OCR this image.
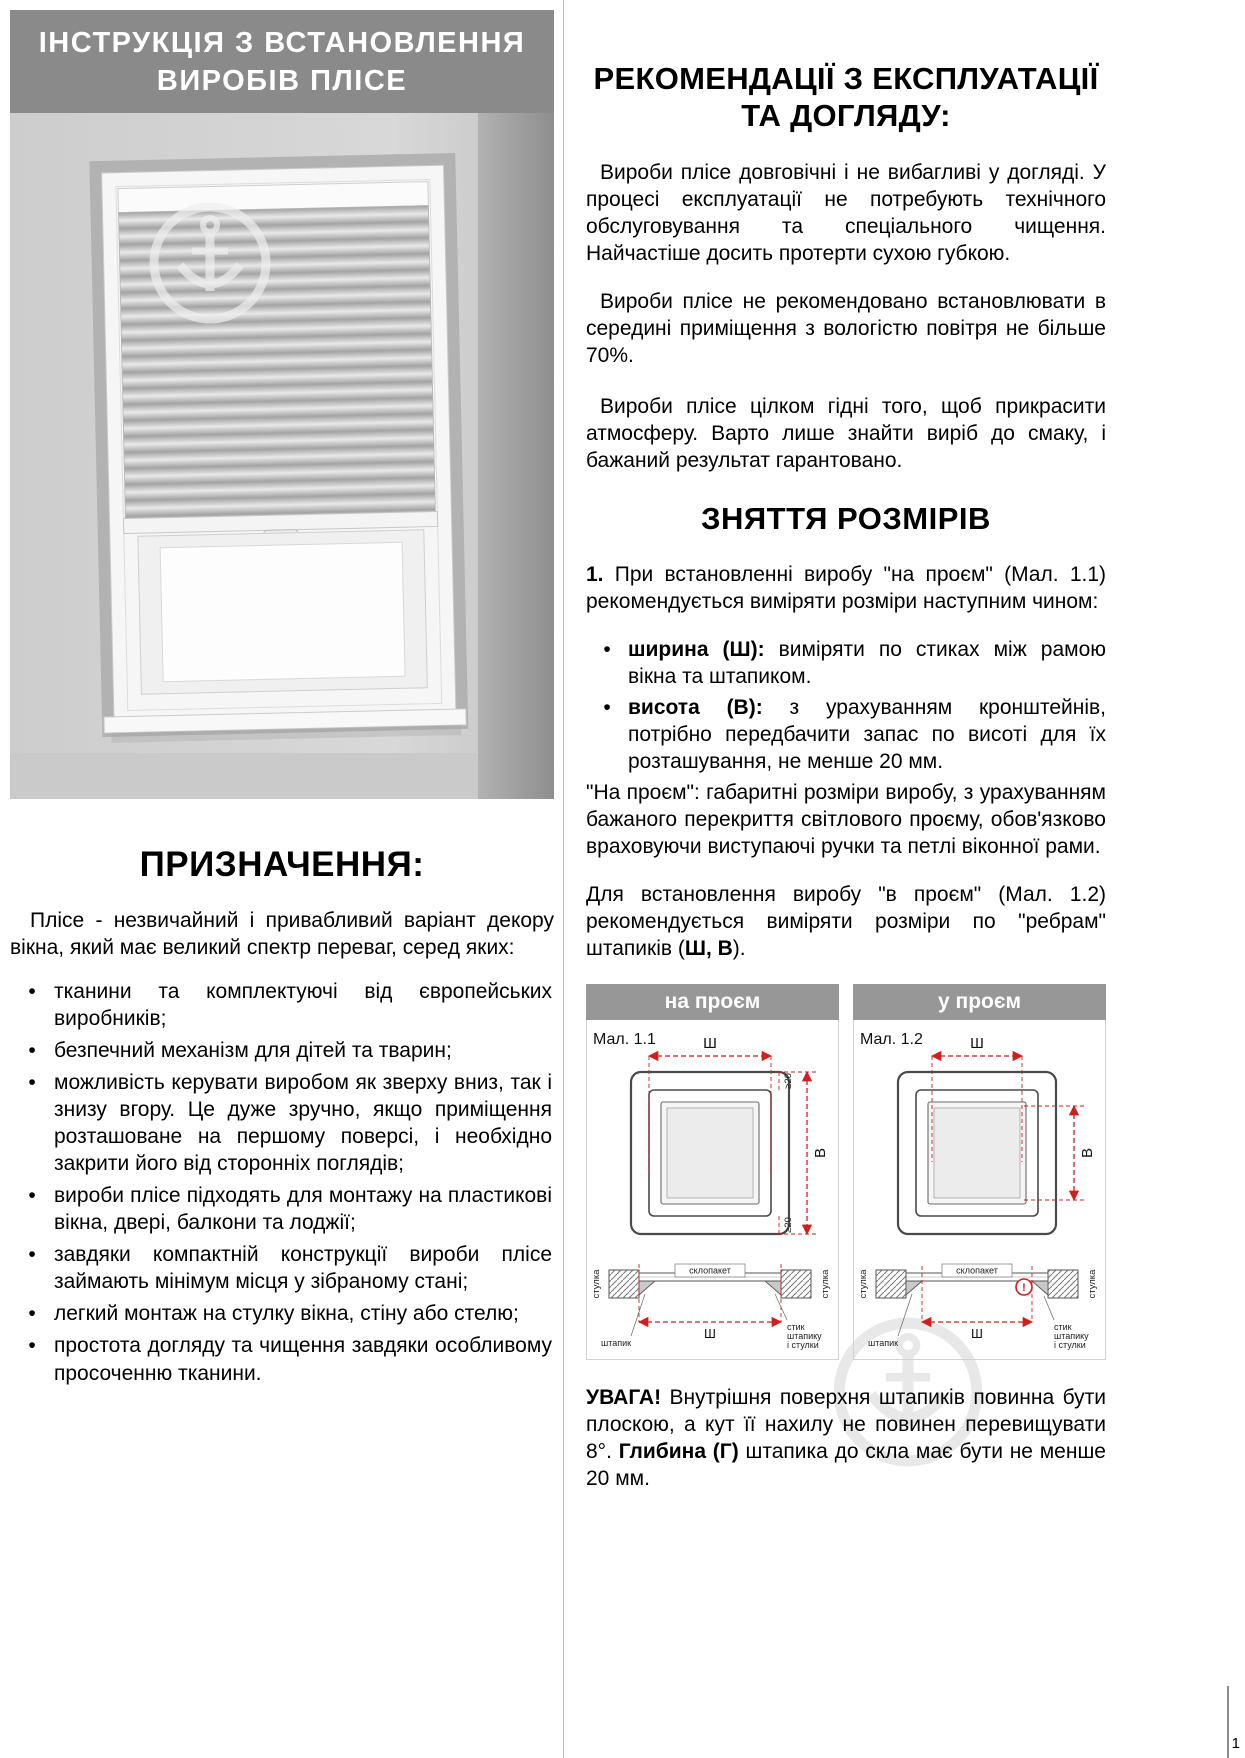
ІНСТРУКЦІЯ З ВСТАНОВЛЕННЯ
ВИРОБІВ ПЛІСЕ
ПРИЗНАЧЕННЯ:

Плісе - незвичайний і привабливий варіант декору вікна, який має великий спектр переваг, серед яких:

• тканини та комплектуючі від європейських виробників;
• безпечний механізм для дітей та тварин;
• можливість керувати виробом як зверху вниз, так і знизу вгору. Це дуже зручно, якщо приміщення розташоване на першому поверсі, і необхідно закрити його від сторонніх поглядів;
• вироби плісе підходять для монтажу на пластикові вікна, двері, балкони та лоджії;
• завдяки компактній конструкції вироби плісе займають мінімум місця у зібраному стані;
• легкий монтаж на стулку вікна, стіну або стелю;
• простота догляду та чищення завдяки особливому просоченню тканини.
РЕКОМЕНДАЦІЇ З ЕКСПЛУАТАЦІЇ
ТА ДОГЛЯДУ:

Вироби плісе довговічні і не вибагливі у догляді. У процесі експлуатації не потребують технічного обслуговування та спеціального чищення. Найчастіше досить протерти сухою губкою.

Вироби плісе не рекомендовано встановлювати в середині приміщення з вологістю повітря не більше 70%.

Вироби плісе цілком гідні того, щоб прикрасити атмосферу. Варто лише знайти виріб до смаку, і бажаний результат гарантовано.

ЗНЯТТЯ РОЗМІРІВ

1. При встановленні виробу "на проєм" (Мал. 1.1) рекомендується виміряти розміри наступним чином:

• ширина (Ш): виміряти по стиках між рамою вікна та штапиком.
• висота (В): з урахуванням кронштейнів, потрібно передбачити запас по висоті для їх розташування, не менше 20 мм.

"На проєм": габаритні розміри виробу, з урахуванням бажаного перекриття світлового проєму, обов'язково враховуючи виступаючі ручки та петлі віконної рами.

Для встановлення виробу "в проєм" (Мал. 1.2) рекомендується виміряти розміри по "ребрам" штапиків (Ш, В).

на проєм
Мал. 1.1	Ш
В
≥20
≥20
стулка	стулка
склопакет
Ш
штапик
стик
штапику
і стулки
у проєм
Мал. 1.2	Ш
В
стулка	стулка
склопакет
!
Ш
штапик
стик
штапику
і стулки

УВАГА! Внутрішня поверхня штапиків повинна бути плоскою, а кут її нахилу не повинен перевищувати 8°. Глибина (Г) штапика до скла має бути не менше 20 мм.

1
